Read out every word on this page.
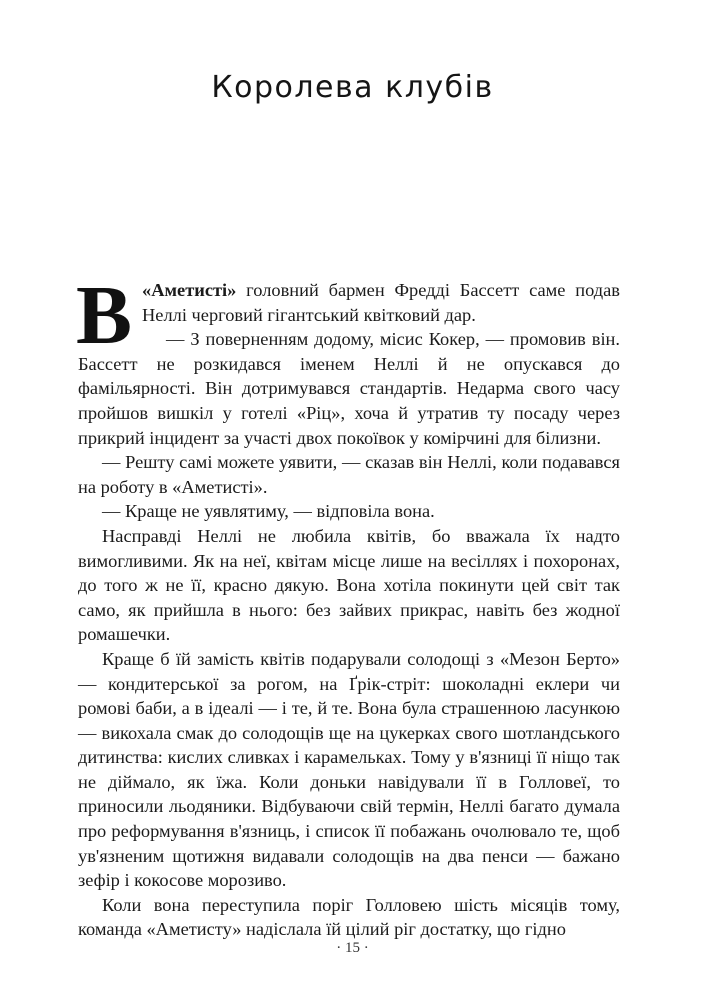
Королева клубів

В «Аметисті» головний бармен Фредді Бассетт саме подав Неллі черговий гігантський квітковий дар.

— З поверненням додому, місис Кокер, — промовив він. Бассетт не розкидався іменем Неллі й не опускався до фамільярності. Він дотримувався стандартів. Недарма свого часу пройшов вишкіл у готелі «Ріц», хоча й утратив ту посаду через прикрий інцидент за участі двох покоївок у комірчині для білизни.

— Решту самі можете уявити, — сказав він Неллі, коли подавався на роботу в «Аметисті».

— Краще не уявлятиму, — відповіла вона.

Насправді Неллі не любила квітів, бо вважала їх надто вимогливими. Як на неї, квітам місце лише на весіллях і похоронах, до того ж не її, красно дякую. Вона хотіла покинути цей світ так само, як прийшла в нього: без зайвих прикрас, навіть без жодної ромашечки.

Краще б їй замість квітів подарували солодощі з «Мезон Берто» — кондитерської за рогом, на Ґрік-стріт: шоколадні еклери чи ромові баби, а в ідеалі — і те, й те. Вона була страшенною ласункою — викохала смак до солодощів ще на цукерках свого шотландського дитинства: кислих сливках і карамельках. Тому у в'язниці її ніщо так не діймало, як їжа. Коли доньки навідували її в Голловеї, то приносили льодяники. Відбуваючи свій термін, Неллі багато думала про реформування в'язниць, і список її побажань очолювало те, щоб ув'язненим щотижня видавали солодощів на два пенси — бажано зефір і кокосове морозиво.

Коли вона переступила поріг Голловею шість місяців тому, команда «Аметисту» надіслала їй цілий ріг достатку, що гідно

· 15 ·
